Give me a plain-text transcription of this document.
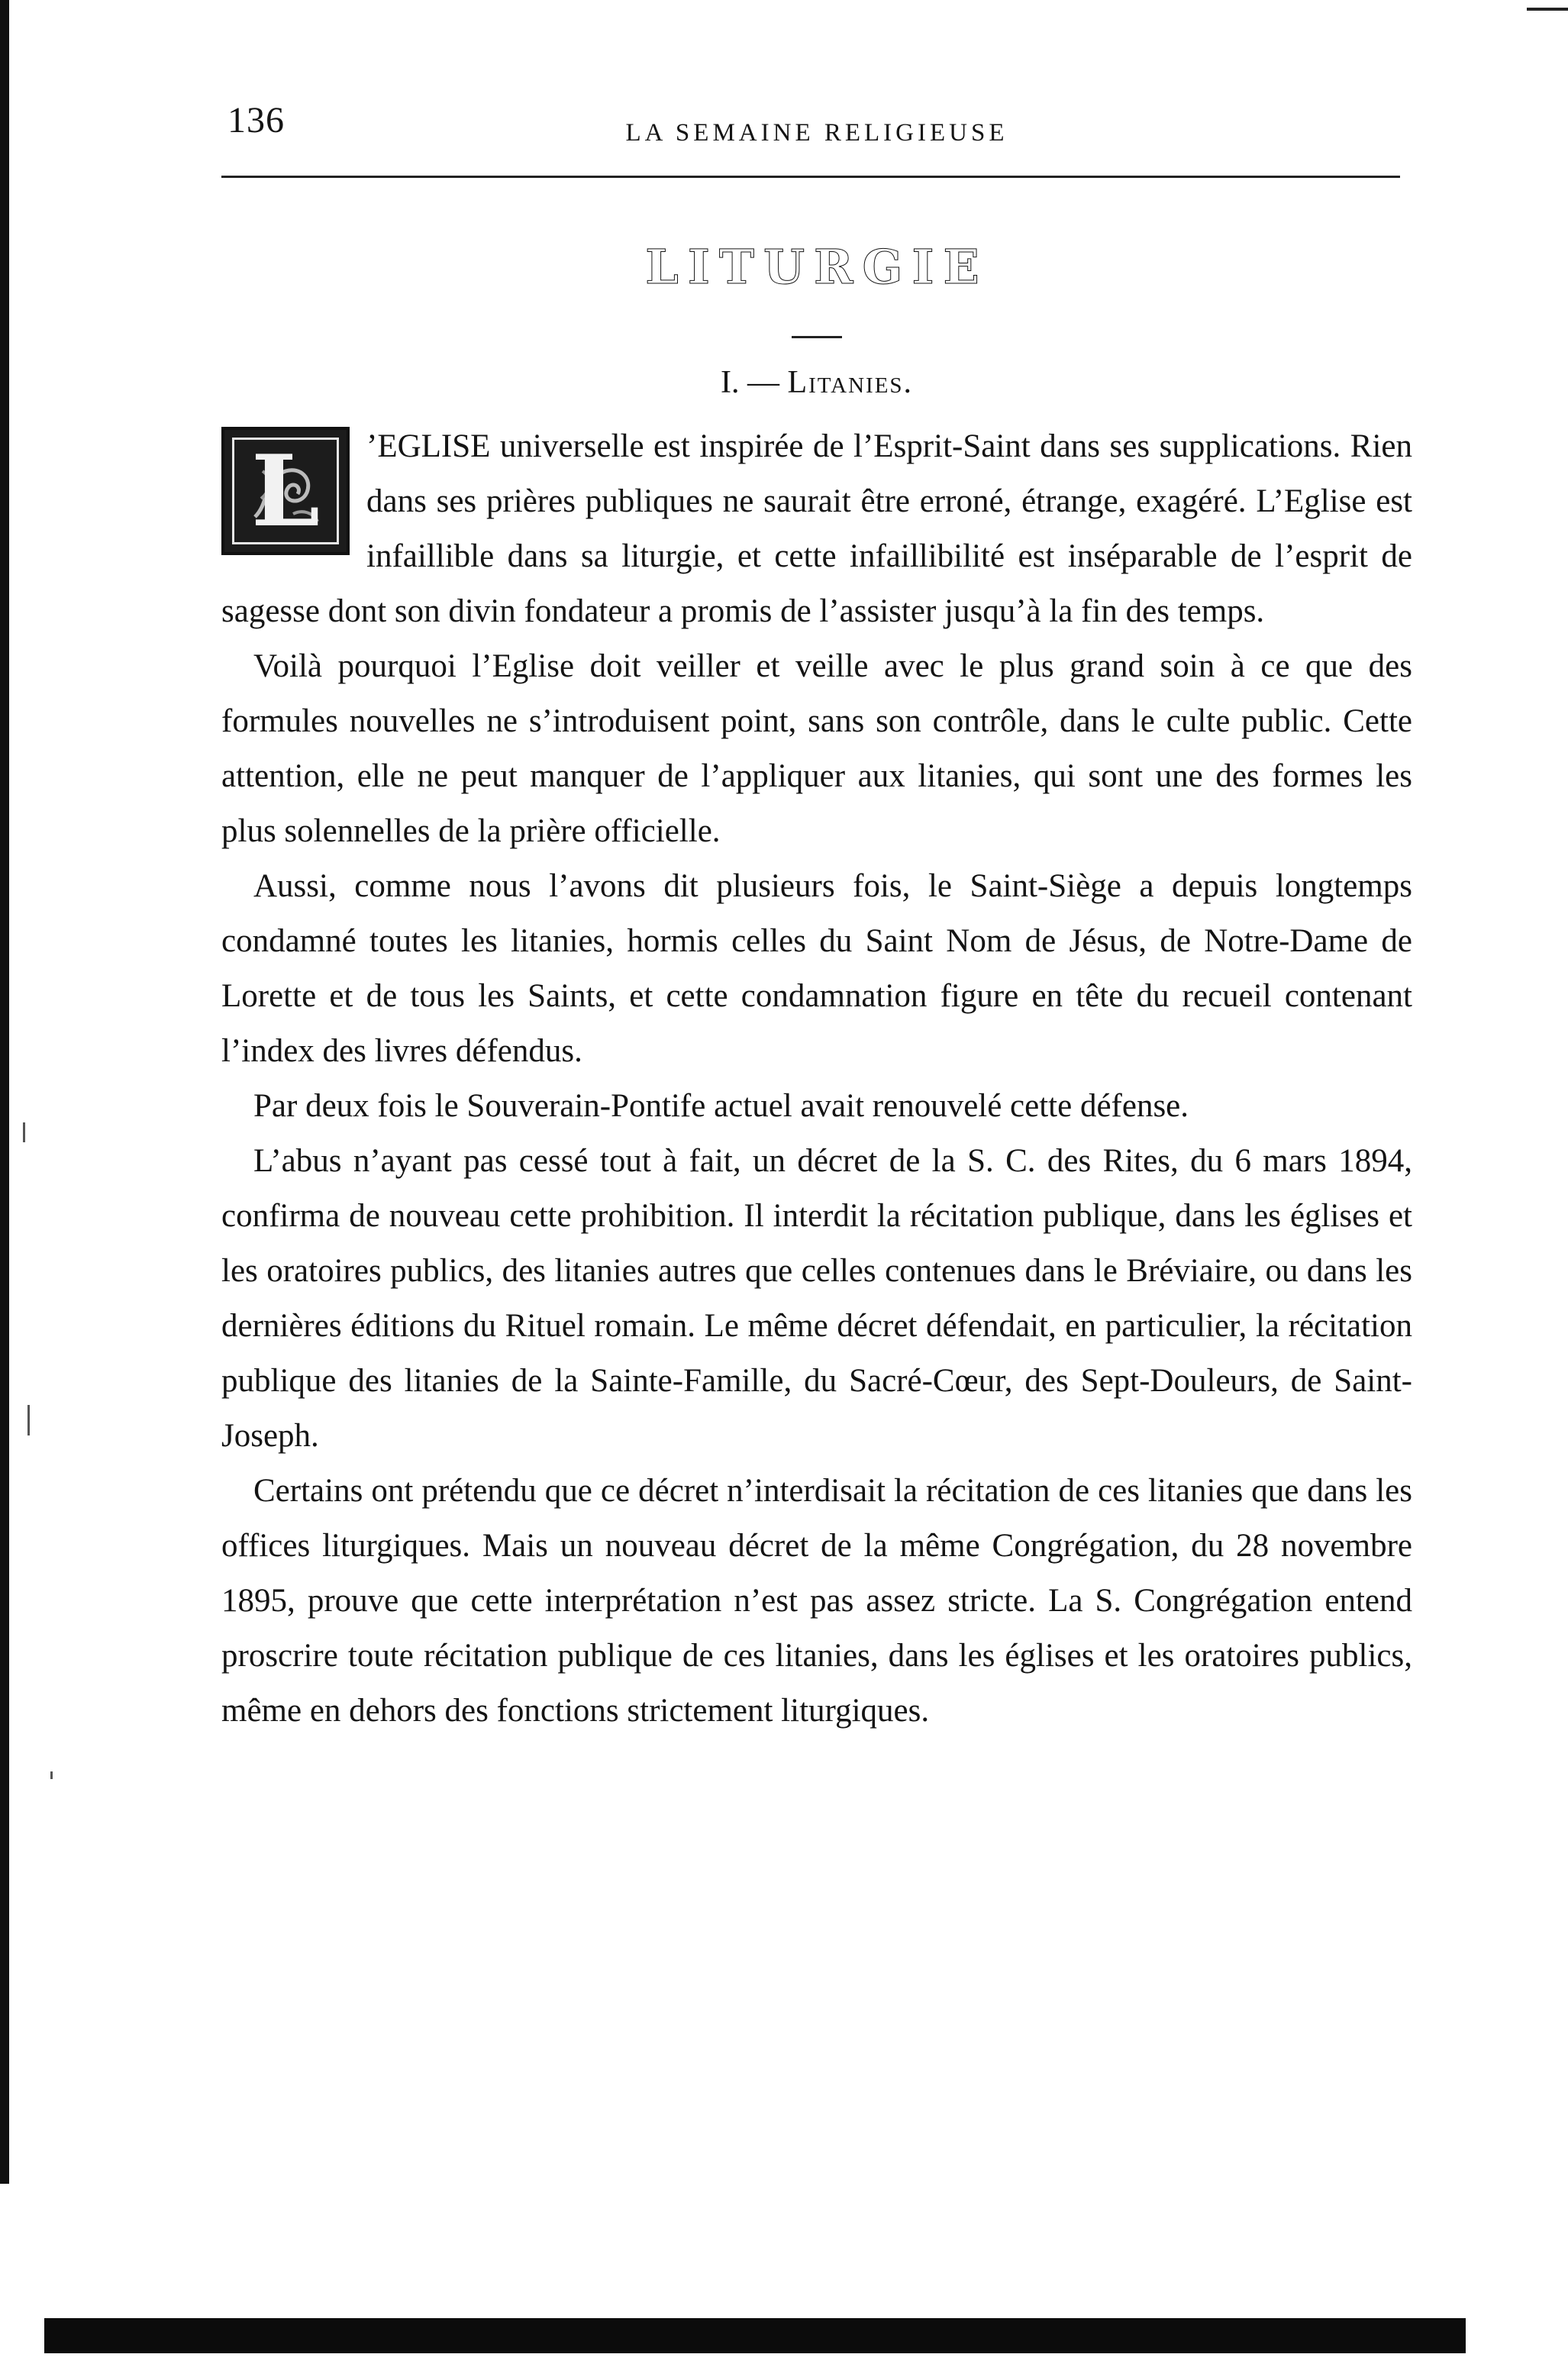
136	LA SEMAINE RELIGIEUSE
LITURGIE
I. — Litanies.

L	’EGLISE universelle est inspirée de l’Esprit-Saint dans ses supplications. Rien dans ses prières publiques ne saurait être erroné, étrange, exagéré. L’Eglise est infaillible dans sa liturgie, et cette infaillibilité est inséparable de l’esprit de sagesse dont son divin fondateur a promis de l’assister jusqu’à la fin des temps.

Voilà pourquoi l’Eglise doit veiller et veille avec le plus grand soin à ce que des formules nouvelles ne s’introduisent point, sans son contrôle, dans le culte public. Cette attention, elle ne peut manquer de l’appliquer aux litanies, qui sont une des formes les plus solennelles de la prière officielle.

Aussi, comme nous l’avons dit plusieurs fois, le Saint-Siège a depuis longtemps condamné toutes les litanies, hormis celles du Saint Nom de Jésus, de Notre-Dame de Lorette et de tous les Saints, et cette condamnation figure en tête du recueil contenant l’index des livres défendus.

Par deux fois le Souverain-Pontife actuel avait renouvelé cette défense.

L’abus n’ayant pas cessé tout à fait, un décret de la S. C. des Rites, du 6 mars 1894, confirma de nouveau cette prohibition. Il interdit la récitation publique, dans les églises et les oratoires publics, des litanies autres que celles contenues dans le Bréviaire, ou dans les dernières éditions du Rituel romain. Le même décret défendait, en particulier, la récitation publique des litanies de la Sainte-Famille, du Sacré-Cœur, des Sept-Douleurs, de Saint-Joseph.

Certains ont prétendu que ce décret n’interdisait la récitation de ces litanies que dans les offices liturgiques. Mais un nouveau décret de la même Congrégation, du 28 novembre 1895, prouve que cette interprétation n’est pas assez stricte. La S. Congrégation entend proscrire toute récitation publique de ces litanies, dans les églises et les oratoires publics, même en dehors des fonctions strictement liturgiques.
